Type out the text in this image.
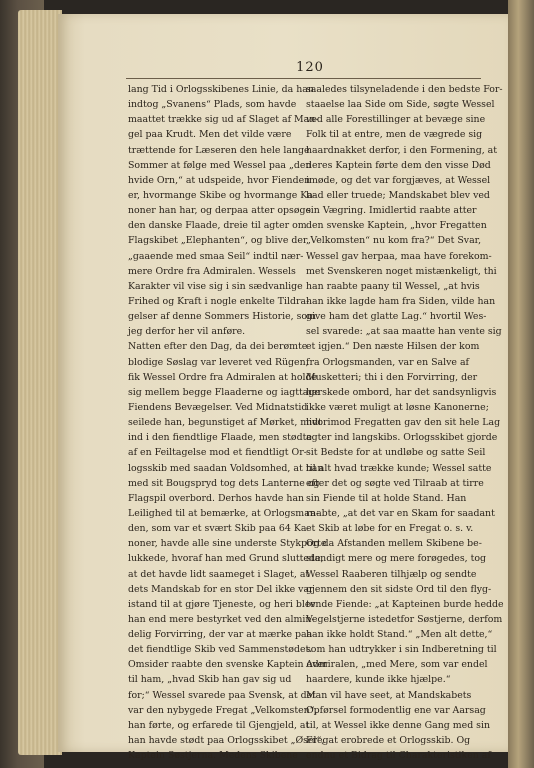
120
lang Tid i Orlogsskibenes Linie, da han
indtog „Svanens“ Plads, som havde
maattet trække sig ud af Slaget af Man-
gel paa Krudt. Men det vilde være
trættende for Læseren den hele lange
Sommer at følge med Wessel paa „den
hvide Orn,“ at udspeide, hvor Fienden
er, hvormange Skibe og hvormange Ka-
noner han har, og derpaa atter opsøge
den danske Flaade, dreie til agter om
Flagskibet „Elephanten“, og blive der
„gaaende med smaa Seil“ indtil nær-
mere Ordre fra Admiralen. Wessels
Karakter vil vise sig i sin sædvanlige
Frihed og Kraft i nogle enkelte Tildra-
gelser af denne Sommers Historie, som
jeg derfor her vil anføre.
Natten efter den Dag, da dei berømte
blodige Søslag var leveret ved Rügen,
fik Wessel Ordre fra Admiralen at holde
sig mellem begge Flaaderne og iagttage
Fiendens Bevægelser. Ved Midnatstid
seilede han, begunstiget af Mørket, midt
ind i den fiendtlige Flaade, men stødte
af en Feiltagelse mod et fiendtligt Or-
logsskib med saadan Voldsomhed, at han
med sit Bougspryd tog dets Lanterne og
Flagspil overbord. Derhos havde han
Leilighed til at bemærke, at Orlogsman-
den, som var et svært Skib paa 64 Ka-
noner, havde alle sine underste Stykporte
lukkede, hvoraf han med Grund sluttede,
at det havde lidt saameget i Slaget, at
dets Mandskab for en stor Del ikke var
istand til at gjøre Tjeneste, og heri blev
han end mere bestyrket ved den almin-
delig Forvirring, der var at mærke paa
det fiendtlige Skib ved Sammenstødet.
Omsider raabte den svenske Kaptein over
til ham, „hvad Skib han gav sig ud
for;“ Wessel svarede paa Svensk, at det
var den nybygede Fregat „Velkomsten“,
han førte, og erfarede til Gjengjeld, at
han havde stødt paa Orlogsskibet „Øsel“,
Kaptein Søstjerna. Medens Skibene
saaledes tilsyneladende i den bedste For-
staaelse laa Side om Side, søgte Wessel
ved alle Forestillinger at bevæge sine
Folk til at entre, men de vægrede sig
haardnakket derfor, i den Formening, at
deres Kaptein førte dem den visse Død
imøde, og det var forgjæves, at Wessel
bad eller truede; Mandskabet blev ved
sin Vægring. Imidlertid raabte atter
den svenske Kaptein, „hvor Fregatten
„Velkomsten“ nu kom fra?“ Det Svar,
Wessel gav herpaa, maa have forekom-
met Svenskeren noget mistænkeligt, thi
han raabte paany til Wessel, „at hvis
han ikke lagde ham fra Siden, vilde han
give ham det glatte Lag.“ hvortil Wes-
sel svarede: „at saa maatte han vente sig
et igjen.“ Den næste Hilsen der kom
fra Orlogsmanden, var en Salve af
Musketteri; thi i den Forvirring, der
herskede ombord, har det sandsynligvis
ikke været muligt at løsne Kanonerne;
hvorimod Fregatten gav den sit hele Lag
agter ind langskibs. Orlogsskibet gjorde
sit Bedste for at undløbe og satte Seil
til alt hvad trække kunde; Wessel satte
efter det og søgte ved Tilraab at tirre
sin Fiende til at holde Stand. Han
raabte, „at det var en Skam for saadant
et Skib at løbe for en Fregat o. s. v.
Og da Afstanden mellem Skibene be-
standigt mere og mere forøgedes, tog
Wessel Raaberen tilhjælp og sendte
gjennem den sit sidste Ord til den flyg-
tende Fiende: „at Kapteinen burde hedde
Vegelstjerne istedetfor Søstjerne, derfom
han ikke holdt Stand.“ „Men alt dette,“
som han udtrykker i sin Indberetning til
Admiralen, „med Mere, som var endel
haardere, kunde ikke hjælpe.“
Man vil have seet, at Mandskabets
Opførsel formodentlig ene var Aarsag
til, at Wessel ikke denne Gang med sin
Fregat erobrede et Orlogsskib. Og
endnu et Bidrag til Charakteristiken af
